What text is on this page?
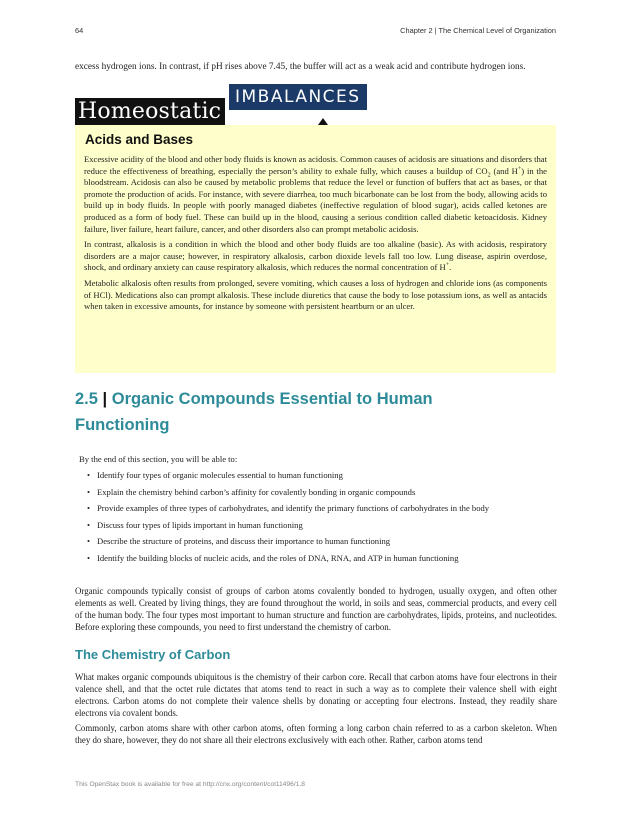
64	Chapter 2 | The Chemical Level of Organization
excess hydrogen ions. In contrast, if pH rises above 7.45, the buffer will act as a weak acid and contribute hydrogen ions.
Homeostatic
IMBALANCES
Acids and Bases

Excessive acidity of the blood and other body fluids is known as acidosis. Common causes of acidosis are situations and disorders that reduce the effectiveness of breathing, especially the person’s ability to exhale fully, which causes a buildup of $CO_2$ (and H+) in the bloodstream. Acidosis can also be caused by metabolic problems that reduce the level or function of buffers that act as bases, or that promote the production of acids. For instance, with severe diarrhea, too much bicarbonate can be lost from the body, allowing acids to build up in body fluids. In people with poorly managed diabetes (ineffective regulation of blood sugar), acids called ketones are produced as a form of body fuel. These can build up in the blood, causing a serious condition called diabetic ketoacidosis. Kidney failure, liver failure, heart failure, cancer, and other disorders also can prompt metabolic acidosis.

In contrast, alkalosis is a condition in which the blood and other body fluids are too alkaline (basic). As with acidosis, respiratory disorders are a major cause; however, in respiratory alkalosis, carbon dioxide levels fall too low. Lung disease, aspirin overdose, shock, and ordinary anxiety can cause respiratory alkalosis, which reduces the normal concentration of H+.

Metabolic alkalosis often results from prolonged, severe vomiting, which causes a loss of hydrogen and chloride ions (as components of HCl). Medications also can prompt alkalosis. These include diuretics that cause the body to lose potassium ions, as well as antacids when taken in excessive amounts, for instance by someone with persistent heartburn or an ulcer.

2.5 | Organic Compounds Essential to Human Functioning
By the end of this section, you will be able to:
• Identify four types of organic molecules essential to human functioning
• Explain the chemistry behind carbon’s affinity for covalently bonding in organic compounds
• Provide examples of three types of carbohydrates, and identify the primary functions of carbohydrates in the body
• Discuss four types of lipids important in human functioning
• Describe the structure of proteins, and discuss their importance to human functioning
• Identify the building blocks of nucleic acids, and the roles of DNA, RNA, and ATP in human functioning

Organic compounds typically consist of groups of carbon atoms covalently bonded to hydrogen, usually oxygen, and often other elements as well. Created by living things, they are found throughout the world, in soils and seas, commercial products, and every cell of the human body. The four types most important to human structure and function are carbohydrates, lipids, proteins, and nucleotides. Before exploring these compounds, you need to first understand the chemistry of carbon.

The Chemistry of Carbon

What makes organic compounds ubiquitous is the chemistry of their carbon core. Recall that carbon atoms have four electrons in their valence shell, and that the octet rule dictates that atoms tend to react in such a way as to complete their valence shell with eight electrons. Carbon atoms do not complete their valence shells by donating or accepting four electrons. Instead, they readily share electrons via covalent bonds.

Commonly, carbon atoms share with other carbon atoms, often forming a long carbon chain referred to as a carbon skeleton. When they do share, however, they do not share all their electrons exclusively with each other. Rather, carbon atoms tend

This OpenStax book is available for free at http://cnx.org/content/col11496/1.8
